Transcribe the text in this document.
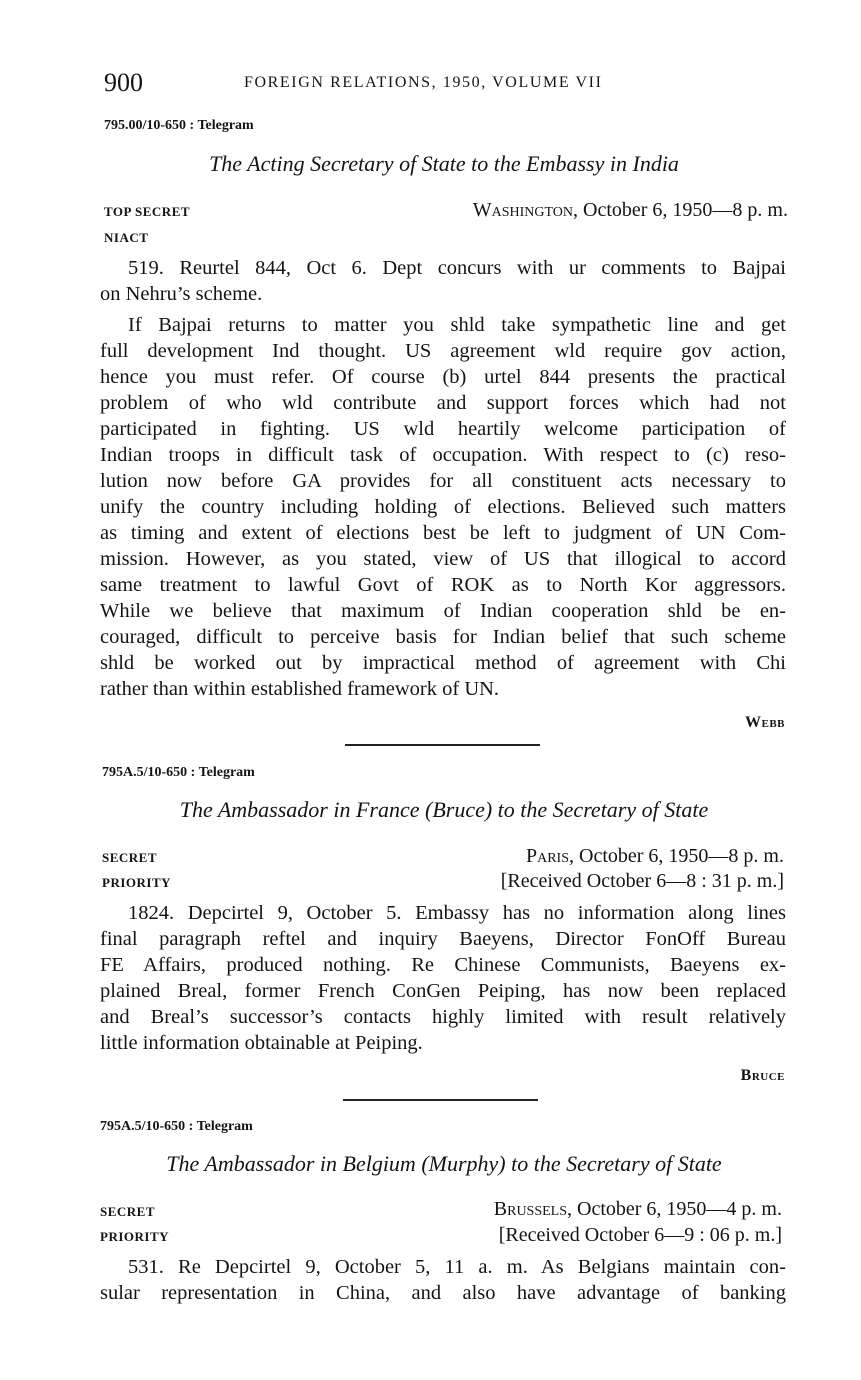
900	FOREIGN RELATIONS, 1950, VOLUME VII
795.00/10-650 : Telegram
The Acting Secretary of State to the Embassy in India
TOP SECRET
NIACT
Washington, October 6, 1950—8 p. m.
519. Reurtel 844, Oct 6. Dept concurs with ur comments to Bajpai
on Nehru’s scheme.
If Bajpai returns to matter you shld take sympathetic line and get
full development Ind thought. US agreement wld require gov action,
hence you must refer. Of course (b) urtel 844 presents the practical
problem of who wld contribute and support forces which had not
participated in fighting. US wld heartily welcome participation of
Indian troops in difficult task of occupation. With respect to (c) reso-
lution now before GA provides for all constituent acts necessary to
unify the country including holding of elections. Believed such matters
as timing and extent of elections best be left to judgment of UN Com-
mission. However, as you stated, view of US that illogical to accord
same treatment to lawful Govt of ROK as to North Kor aggressors.
While we believe that maximum of Indian cooperation shld be en-
couraged, difficult to perceive basis for Indian belief that such scheme
shld be worked out by impractical method of agreement with Chi
rather than within established framework of UN.
Webb
795A.5/10-650 : Telegram
The Ambassador in France (Bruce) to the Secretary of State
SECRET
PRIORITY
Paris, October 6, 1950—8 p. m.
[Received October 6—8 : 31 p. m.]
1824. Depcirtel 9, October 5. Embassy has no information along lines
final paragraph reftel and inquiry Baeyens, Director FonOff Bureau
FE Affairs, produced nothing. Re Chinese Communists, Baeyens ex-
plained Breal, former French ConGen Peiping, has now been replaced
and Breal’s successor’s contacts highly limited with result relatively
little information obtainable at Peiping.
Bruce
795A.5/10-650 : Telegram
The Ambassador in Belgium (Murphy) to the Secretary of State
SECRET
PRIORITY
Brussels, October 6, 1950—4 p. m.
[Received October 6—9 : 06 p. m.]
531. Re Depcirtel 9, October 5, 11 a. m. As Belgians maintain con-
sular representation in China, and also have advantage of banking
